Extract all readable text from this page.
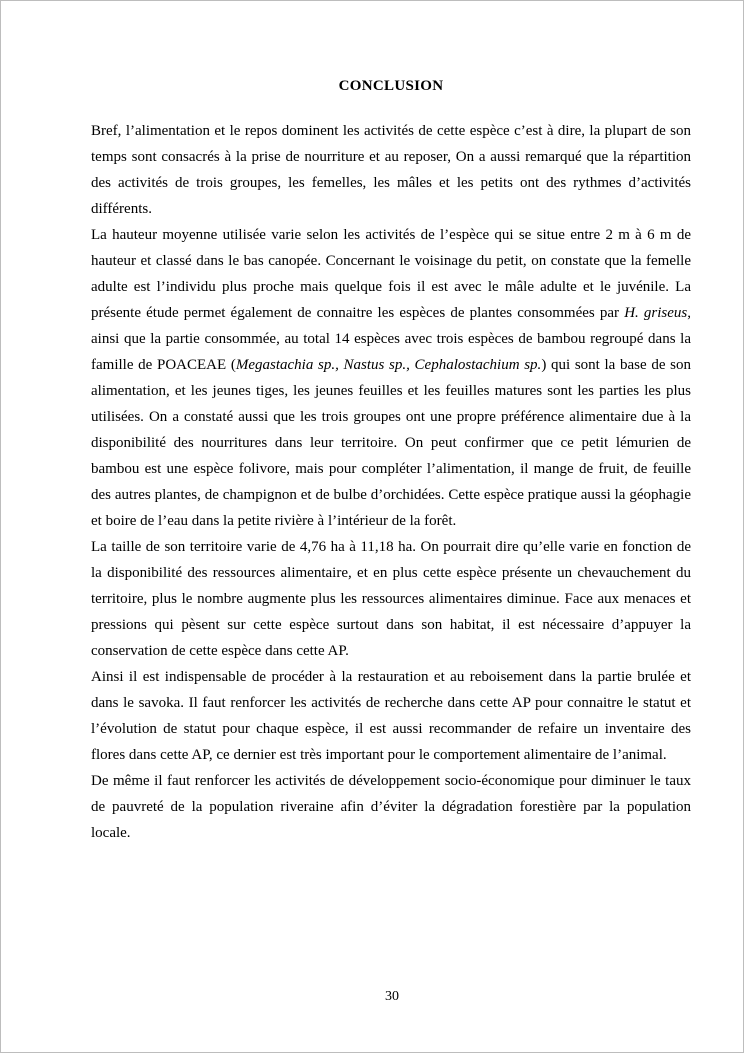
CONCLUSION

Bref, l’alimentation et le repos dominent les activités de cette espèce c’est à dire, la plupart de son temps sont consacrés à la prise de nourriture et au reposer, On a aussi remarqué que la répartition des activités de trois groupes, les femelles, les mâles et les petits ont des rythmes d’activités différents.

La hauteur moyenne utilisée varie selon les activités de l’espèce qui se situe entre 2 m à 6 m de hauteur et classé dans le bas canopée. Concernant le voisinage du petit, on constate que la femelle adulte est l’individu plus proche mais quelque fois il est avec le mâle adulte et le juvénile. La présente étude permet également de connaitre les espèces de plantes consommées par H. griseus, ainsi que la partie consommée, au total 14 espèces avec trois espèces de bambou regroupé dans la famille de POACEAE (Megastachia sp., Nastus sp., Cephalostachium sp.) qui sont la base de son alimentation, et les jeunes tiges, les jeunes feuilles et les feuilles matures sont les parties les plus utilisées. On a constaté aussi que les trois groupes ont une propre préférence alimentaire due à la disponibilité des nourritures dans leur territoire. On peut confirmer que ce petit lémurien de bambou est une espèce folivore, mais pour compléter l’alimentation, il mange de fruit, de feuille des autres plantes, de champignon et de bulbe d’orchidées. Cette espèce pratique aussi la géophagie et boire de l’eau dans la petite rivière à l’intérieur de la forêt.

La taille de son territoire varie de 4,76 ha à 11,18 ha. On pourrait dire qu’elle varie en fonction de la disponibilité des ressources alimentaire, et en plus cette espèce présente un chevauchement du territoire, plus le nombre augmente plus les ressources alimentaires diminue. Face aux menaces et pressions qui pèsent sur cette espèce surtout dans son habitat, il est nécessaire d’appuyer la conservation de cette espèce dans cette AP.

Ainsi il est indispensable de procéder à la restauration et au reboisement dans la partie brulée et dans le savoka. Il faut renforcer les activités de recherche dans cette AP pour connaitre le statut et l’évolution de statut pour chaque espèce, il est aussi recommander de refaire un inventaire des flores dans cette AP, ce dernier est très important pour le comportement alimentaire de l’animal.

De même il faut renforcer les activités de développement socio-économique pour diminuer le taux de pauvreté de la population riveraine afin d’éviter la dégradation forestière par la population locale.

30
